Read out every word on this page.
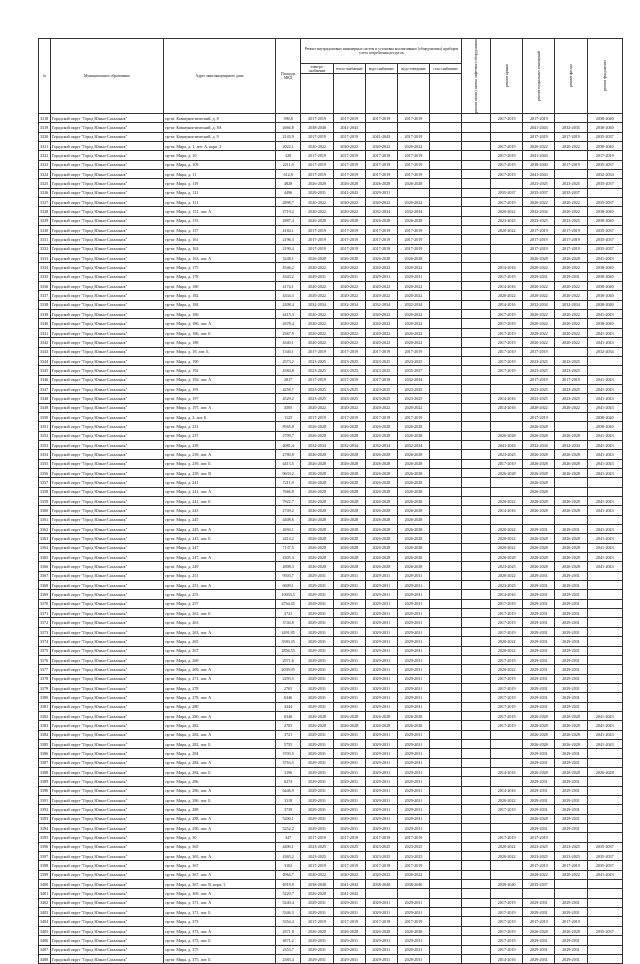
№	Муниципальное образование	Адрес многоквартирного дома	Площадь МКД	Ремонт внутридомовых инженерных систем и установка коллективных (общедомовых) приборов учета потребления ресурсов					ремонт и(или) замена лифтового оборудования	ремонт крыши	ремонт подвальных помещений	ремонт фасада	ремонт фундамента

				электро-снабжение	тепло-снабжение	водо-снабжение	водо-отведение	газо-снабжение					

3318	Городской округ "Город Южно-Сахалинск"	пр-кт. Коммунистический, д. 8	390,8	2017-2019	2017-2019	2017-2019	2017-2019			2017-2019	2017-2019		2038-2040
3319	Городской округ "Город Южно-Сахалинск"	пр-кт. Коммунистический, д. 8А	2666,8	2038-2040	2041-2043						2041-2043	2032-2035	2038-2040
3320	Городской округ "Город Южно-Сахалинск"	пр-кт. Коммунистический, д. 9	2143,9	2017-2019	2017-2019	2041-2043	2017-2019				2017-2019	2017-2019	2035-2037
3321	Городской округ "Город Южно-Сахалинск"	пр-кт. Мира, д. 1, лит. А, корп. 2	2022,1	2020-2022	2020-2022	2020-2022	2020-2022			2017-2019	2020-2022	2020-2022	2038-2040
3322	Городской округ "Город Южно-Сахалинск"	пр-кт. Мира, д. 10	328	2017-2019	2017-2019	2017-2019	2017-2019			2017-2019	2041-2043		2017-2019
3323	Городской округ "Город Южно-Сахалинск"	пр-кт. Мира, д. 109	2211,9	2017-2019	2017-2019	2017-2019	2017-2019			2017-2019	2038-2040	2017-2019	2035-2037
3324	Городской округ "Город Южно-Сахалинск"	пр-кт. Мира, д. 11	612,8	2017-2019	2017-2019	2017-2019	2017-2019			2017-2019	2041-2043		2032-2034
3325	Городской округ "Город Южно-Сахалинск"	пр-кт. Мира, д. 119	4828	2026-2028	2026-2028	2026-2028	2026-2028				2023-2025	2023-2025	2035-2037
3326	Городской округ "Город Южно-Сахалинск"	пр-кт. Мира, д. 121	4496	2029-2031	2041-2043	2029-2031				2035-2037	2035-2037	2035-2037	
3327	Городской округ "Город Южно-Сахалинск"	пр-кт. Мира, д. 151	2898,7	2020-2022	2020-2022	2020-2022	2020-2022			2017-2019	2020-2022	2020-2022	2035-2037
3328	Городской округ "Город Южно-Сахалинск"	пр-кт. Мира, д. 151, лит. А	2719,2	2020-2022	2020-2022	2032-2034	2032-2034			2020-2022	2032-2034	2020-2022	2038-2040
3329	Городской округ "Город Южно-Сахалинск"	пр-кт. Мира, д. 153	2887,4	2026-2028	2026-2028	2026-2028	2026-2028			2023-2025	2023-2025	2023-2025	2038-2040
3330	Городской округ "Город Южно-Сахалинск"	пр-кт. Мира, д. 157	4184,1	2017-2019	2017-2019	2017-2019	2017-2019			2020-2022	2017-2019	2017-2019	2035-2037
3331	Городской округ "Город Южно-Сахалинск"	пр-кт. Мира, д. 161	2196,3	2017-2019	2017-2019	2017-2019	2017-2019				2017-2019	2017-2019	2035-2037
3332	Городской округ "Город Южно-Сахалинск"	пр-кт. Мира, д. 163	2190,4	2017-2019	2017-2019	2017-2019	2017-2019				2017-2019	2017-2019	2035-2037
3333	Городской округ "Город Южно-Сахалинск"	пр-кт. Мира, д. 163, лит. А	3248,1	2026-2028	2026-2028	2026-2028	2026-2028				2026-2028	2026-2028	2041-2043
3334	Городской округ "Город Южно-Сахалинск"	пр-кт. Мира, д. 175	4546,2	2020-2022	2020-2022	2020-2022	2020-2022			2014-2016	2020-2022	2020-2022	2038-2040
3335	Городской округ "Город Южно-Сахалинск"	пр-кт. Мира, д. 178	4343,2	2029-2031	2029-2031	2029-2031	2029-2031			2017-2019	2029-2031	2029-2031	2038-2040
3336	Городской округ "Город Южно-Сахалинск"	пр-кт. Мира, д. 180	4174,1	2020-2022	2020-2022	2020-2022	2020-2022			2014-2016	2020-2022	2020-2022	2038-2040
3337	Городской округ "Город Южно-Сахалинск"	пр-кт. Мира, д. 182	4334,3	2020-2022	2020-2022	2020-2022	2020-2022			2020-2022	2020-2022	2020-2022	2038-2040
3338	Городской округ "Город Южно-Сахалинск"	пр-кт. Мира, д. 184	2408,4	2032-2034	2032-2034	2032-2034	2032-2034			2014-2016	2032-2034	2032-2034	2038-2040
3339	Городской округ "Город Южно-Сахалинск"	пр-кт. Мира, д. 186	4415,3	2020-2022	2020-2022	2020-2022	2020-2022			2017-2019	2020-2022	2020-2022	2041-2043
3340	Городской округ "Город Южно-Сахалинск"	пр-кт. Мира, д. 186, лит. А	2678,4	2020-2022	2020-2022	2020-2022	2020-2022			2017-2019	2020-2022	2020-2022	2038-2040
3341	Городской округ "Город Южно-Сахалинск"	пр-кт. Мира, д. 186, лит. Б	2367,9	2020-2022	2020-2022	2020-2022	2020-2022			2017-2019	2020-2022	2020-2022	2041-2043
3342	Городской округ "Город Южно-Сахалинск"	пр-кт. Мира, д. 188	4340,1	2020-2022	2020-2022	2020-2022	2020-2022			2017-2019	2020-2022	2020-2022	2041-2043
3343	Городской округ "Город Южно-Сахалинск"	пр-кт. Мира, д. 19, лит. Б	1540,1	2017-2019	2017-2019	2017-2019	2017-2019			2017-2019	2017-2019		2032-2034
3344	Городской округ "Город Южно-Сахалинск"	пр-кт. Мира, д. 190	2573,2	2023-2025	2023-2025	2023-2025	2023-2025			2017-2019	2023-2025	2023-2025	
3345	Городской округ "Город Южно-Сахалинск"	пр-кт. Мира, д. 192	4384,8	2023-2025	2023-2025	2023-2025	2035-2037			2017-2019	2023-2025	2023-2025	
3346	Городской округ "Город Южно-Сахалинск"	пр-кт. Мира, д. 192, лит. А	2817	2017-2019	2017-2019	2017-2019	2032-2034				2017-2019	2017-2019	2041-2043
3347	Городской округ "Город Южно-Сахалинск"	пр-кт. Мира, д. 193	4258,7	2023-2025	2023-2025	2023-2025	2023-2025				2023-2025	2023-2025	2041-2043
3348	Городской округ "Город Южно-Сахалинск"	пр-кт. Мира, д. 197	4529,2	2023-2025	2023-2025	2023-2025	2023-2025			2014-2016	2023-2025	2023-2025	2041-2043
3349	Городской округ "Город Южно-Сахалинск"	пр-кт. Мира, д. 197, лит. А	4505	2020-2022	2020-2022	2020-2022	2020-2022			2014-2016	2020-2022	2020-2022	2041-2043
3350	Городской округ "Город Южно-Сахалинск"	пр-кт. Мира, д. 2, лит. Б	1125	2017-2019	2017-2019	2017-2019	2017-2019				2017-2019		2038-2040
3351	Городской округ "Город Южно-Сахалинск"	пр-кт. Мира, д. 231	8565,8	2026-2028	2026-2028	2026-2028	2026-2028				2026-2028		2038-2040
3352	Городской округ "Город Южно-Сахалинск"	пр-кт. Мира, д. 237	2709,7	2026-2028	2026-2028	2026-2028	2026-2028			2026-2028	2026-2028	2026-2028	2041-2043
3353	Городской округ "Город Южно-Сахалинск"	пр-кт. Мира, д. 239	4081,4	2032-2034	2032-2034	2032-2034	2032-2034			2041-2043	2032-2034	2032-2034	2041-2043
3354	Городской округ "Город Южно-Сахалинск"	пр-кт. Мира, д. 239, лит. А	2780,8	2026-2028	2026-2028	2026-2028	2026-2028			2023-2025	2026-2028	2026-2028	2041-2043
3355	Городской округ "Город Южно-Сахалинск"	пр-кт. Мира, д. 239, лит. Б	4413,5	2026-2028	2026-2028	2026-2028	2026-2028			2017-2019	2026-2028	2026-2028	2041-2043
3356	Городской округ "Город Южно-Сахалинск"	пр-кт. Мира, д. 239, лит. В	9633,2	2026-2028	2026-2028	2026-2028	2026-2028			2026-2028	2026-2028	2026-2028	2041-2043
3357	Городской округ "Город Южно-Сахалинск"	пр-кт. Мира, д. 241	7211,9	2026-2028	2026-2028	2026-2028	2026-2028				2026-2028		
3358	Городской округ "Город Южно-Сахалинск"	пр-кт. Мира, д. 241, лит. А	7666,8	2026-2028	2026-2028	2026-2028	2026-2028				2026-2028		
3359	Городской округ "Город Южно-Сахалинск"	пр-кт. Мира, д. 241, лит. Б	7922,7	2026-2028	2026-2028	2026-2028	2026-2028			2020-2022	2026-2028	2026-2028	2041-2043
3360	Городской округ "Город Южно-Сахалинск"	пр-кт. Мира, д. 243	2749,2	2026-2028	2026-2028	2026-2028	2026-2028			2014-2016	2026-2028	2026-2028	2041-2043
3361	Городской округ "Город Южно-Сахалинск"	пр-кт. Мира, д. 245	4408,6	2026-2028	2026-2028	2026-2028	2026-2028						
3362	Городской округ "Город Южно-Сахалинск"	пр-кт. Мира, д. 245, лит. А	2694,1	2026-2028	2026-2028	2026-2028	2026-2028			2020-2022	2029-2031	2029-2031	2041-2043
3363	Городской округ "Город Южно-Сахалинск"	пр-кт. Мира, д. 245, лит. Б	2414,2	2026-2028	2026-2028	2026-2028	2026-2028			2020-2022	2026-2028	2026-2028	2041-2043
3364	Городской округ "Город Южно-Сахалинск"	пр-кт. Мира, д. 247	7137,5	2026-2028	2026-2028	2026-2028	2026-2028			2020-2022	2026-2028	2026-2028	2041-2043
3365	Городской округ "Город Южно-Сахалинск"	пр-кт. Мира, д. 247, лит. А	4305,3	2026-2028	2026-2028	2026-2028	2026-2028			2026-2028	2026-2028	2026-2028	2041-2043
3366	Городской округ "Город Южно-Сахалинск"	пр-кт. Мира, д. 249	2808,3	2026-2028	2026-2028	2026-2028	2026-2028			2023-2025	2026-2028	2026-2028	2041-2043
3367	Городской округ "Город Южно-Сахалинск"	пр-кт. Мира, д. 251	9503,7	2029-2031	2029-2031	2029-2031	2029-2031			2020-2022	2029-2031	2029-2031	
3368	Городской округ "Город Южно-Сахалинск"	пр-кт. Мира, д. 251, лит. А	6609,1	2029-2031	2029-2031	2029-2031	2029-2031			2023-2025	2029-2031	2029-2031	
3369	Городской округ "Город Южно-Сахалинск"	пр-кт. Мира, д. 253	10033,5	2029-2031	2029-2031	2029-2031	2029-2031			2014-2016	2029-2031	2029-2031	
3370	Городской округ "Город Южно-Сахалинск"	пр-кт. Мира, д. 257	4764,45	2029-2031	2029-2031	2029-2031	2029-2031			2017-2019	2029-2031	2029-2031	
3371	Городской округ "Город Южно-Сахалинск"	пр-кт. Мира, д. 261, лит. Б	3721	2029-2031	2029-2031	2029-2031	2029-2031			2017-2019	2029-2031	2029-2031	
3372	Городской округ "Город Южно-Сахалинск"	пр-кт. Мира, д. 263	3744,8	2029-2031	2029-2031	2029-2031	2029-2031			2017-2019	2029-2031	2029-2031	
3373	Городской округ "Город Южно-Сахалинск"	пр-кт. Мира, д. 263, лит. А	2491,85	2029-2031	2029-2031	2029-2031	2029-2031			2017-2019	2029-2031	2029-2031	
3374	Городской округ "Город Южно-Сахалинск"	пр-кт. Мира, д. 265	3583,35	2029-2031	2029-2031	2029-2031	2029-2031			2020-2022	2029-2031	2029-2031	
3375	Городской округ "Город Южно-Сахалинск"	пр-кт. Мира, д. 267	2856,55	2029-2031	2029-2031	2029-2031	2029-2031			2020-2022	2029-2031	2029-2031	
3376	Городской округ "Город Южно-Сахалинск"	пр-кт. Мира, д. 269	2971,6	2029-2031	2029-2031	2029-2031	2029-2031			2017-2019	2029-2031	2029-2031	
3377	Городской округ "Город Южно-Сахалинск"	пр-кт. Мира, д. 269, лит. А	2039,95	2029-2031	2029-2031	2029-2031	2029-2031			2020-2022	2029-2031	2029-2031	
3378	Городской округ "Город Южно-Сахалинск"	пр-кт. Мира, д. 271, лит. А	2293,5	2029-2031	2029-2031	2029-2031	2029-2031			2017-2019	2029-2031	2029-2031	
3379	Городской округ "Город Южно-Сахалинск"	пр-кт. Мира, д. 278	2765	2029-2031	2029-2031	2029-2031	2029-2031			2017-2019	2029-2031	2029-2031	
3380	Городской округ "Город Южно-Сахалинск"	пр-кт. Мира, д. 278, лит. А	6346	2029-2031	2029-2031	2029-2031	2029-2031			2017-2019	2029-2031	2029-2031	
3381	Городской округ "Город Южно-Сахалинск"	пр-кт. Мира, д. 280	4344	2029-2031	2029-2031	2029-2031	2029-2031			2017-2019	2029-2031	2029-2031	
3382	Городской округ "Город Южно-Сахалинск"	пр-кт. Мира, д. 280, лит. А	6346	2026-2028	2026-2028	2026-2028	2026-2028			2017-2019	2026-2028	2026-2028	2041-2043
3383	Городской округ "Город Южно-Сахалинск"	пр-кт. Мира, д. 282	2703	2026-2028	2026-2028	2026-2028	2026-2028			2017-2019	2026-2028	2026-2028	2041-2043
3384	Городской округ "Город Южно-Сахалинск"	пр-кт. Мира, д. 282, лит. А	3721	2029-2031	2029-2031	2029-2031	2029-2031				2026-2028	2026-2028	2041-2043
3385	Городской округ "Город Южно-Сахалинск"	пр-кт. Мира, д. 282, лит. Б	5755	2029-2031	2029-2031	2029-2031	2029-2031				2026-2028	2026-2028	2041-2043
3386	Городской округ "Город Южно-Сахалинск"	пр-кт. Мира, д. 284	3703,5	2029-2031	2029-2031	2029-2031	2029-2031				2029-2031	2029-2031	
3387	Городской округ "Город Южно-Сахалинск"	пр-кт. Мира, д. 284, лит. А	3763,5	2029-2031	2029-2031	2029-2031	2029-2031				2029-2031	2029-2031	
3388	Городской округ "Город Южно-Сахалинск"	пр-кт. Мира, д. 284, лит. Б	3196	2029-2031	2029-2031	2029-2031	2029-2031			2014-2016	2026-2028	2026-2028	2026-2028
3389	Городской округ "Город Южно-Сахалинск"	пр-кт. Мира, д. 286	6274	2029-2031	2029-2031	2029-2031	2029-2031				2029-2031	2029-2031	
3390	Городской округ "Город Южно-Сахалинск"	пр-кт. Мира, д. 286, лит. А	6446,9	2029-2031	2029-2031	2029-2031	2029-2031			2014-2016	2029-2031	2029-2031	
3391	Городской округ "Город Южно-Сахалинск"	пр-кт. Мира, д. 286, лит. Б	3118	2029-2031	2029-2031	2029-2031	2029-2031			2020-2022	2029-2031	2029-2031	
3392	Городской округ "Город Южно-Сахалинск"	пр-кт. Мира, д. 288	3739	2029-2031	2029-2031	2029-2031	2029-2031			2017-2019	2029-2031	2029-2031	
3393	Городской округ "Город Южно-Сахалинск"	пр-кт. Мира, д. 288, лит. А	5200,1	2029-2031	2029-2031	2029-2031	2029-2031				2026-2028	2029-2031	
3394	Городской округ "Город Южно-Сахалинск"	пр-кт. Мира, д. 290, лит. А	5252,2	2029-2031	2029-2031	2029-2031	2029-2031				2029-2031	2029-2031	
3395	Городской округ "Город Южно-Сахалинск"	пр-кт. Мира, д. 30	347	2017-2019	2017-2019	2017-2019	2017-2019			2017-2019	2017-2019		
3396	Городской округ "Город Южно-Сахалинск"	пр-кт. Мира, д. 365	4400,1	2023-2025	2023-2025	2023-2025	2023-2025			2020-2022	2023-2025	2023-2025	2035-2037
3397	Городской округ "Город Южно-Сахалинск"	пр-кт. Мира, д. 365, лит. А	4365,2	2023-2025	2023-2025	2023-2025	2023-2025			2020-2022	2023-2025	2023-2025	2035-2037
3398	Городской округ "Город Южно-Сахалинск"	пр-кт. Мира, д. 367	3102	2017-2019	2017-2019	2017-2019	2017-2019				2017-2019	2017-2019	2035-2037
3399	Городской округ "Город Южно-Сахалинск"	пр-кт. Мира, д. 367, лит. А	4964,7	2020-2022	2020-2022	2020-2022	2020-2022				2020-2022	2020-2022	2041-2043
3400	Городской округ "Город Южно-Сахалинск"	пр-кт. Мира, д. 367, лит. В, корп. 1	4919,9	2038-2040	2041-2043	2038-2040	2038-2040			2038-2040	2035-2037		
3401	Городской округ "Город Южно-Сахалинск"	пр-кт. Мира, д. 369, лит. А	5220,7	2026-2028	2041-2043								
3402	Городской округ "Город Южно-Сахалинск"	пр-кт. Мира, д. 371, лит. А	5240,4	2029-2031	2029-2031	2029-2031	2029-2031			2017-2019	2029-2031	2029-2031	
3403	Городской округ "Город Южно-Сахалинск"	пр-кт. Мира, д. 371, лит. Б	5346,3	2029-2031	2029-2031	2029-2031	2029-2031			2017-2019	2029-2031	2029-2031	
3404	Городской округ "Город Южно-Сахалинск"	пр-кт. Мира, д. 373	5354,4	2017-2019	2017-2019	2017-2019	2017-2019			2017-2019	2017-2019	2017-2019	
3405	Городской округ "Город Южно-Сахалинск"	пр-кт. Мира, д. 373, лит. А	2671,8	2026-2028	2026-2028	2026-2028	2026-2028			2017-2019	2026-2028	2026-2028	2035-2037
3406	Городской округ "Город Южно-Сахалинск"	пр-кт. Мира, д. 373, лит. Б	4871,2	2029-2031	2029-2031	2029-2031	2029-2031			2017-2019	2029-2031	2029-2031	
3407	Городской округ "Город Южно-Сахалинск"	пр-кт. Мира, д. 375	2353,7	2029-2031	2029-2031	2029-2031	2029-2031			2017-2019	2029-2031	2029-2031	
3408	Городской округ "Город Южно-Сахалинск"	пр-кт. Мира, д. 375, лит. Б	2383,4	2029-2031	2029-2031	2029-2031	2029-2031			2014-2016	2029-2031	2029-2031	
